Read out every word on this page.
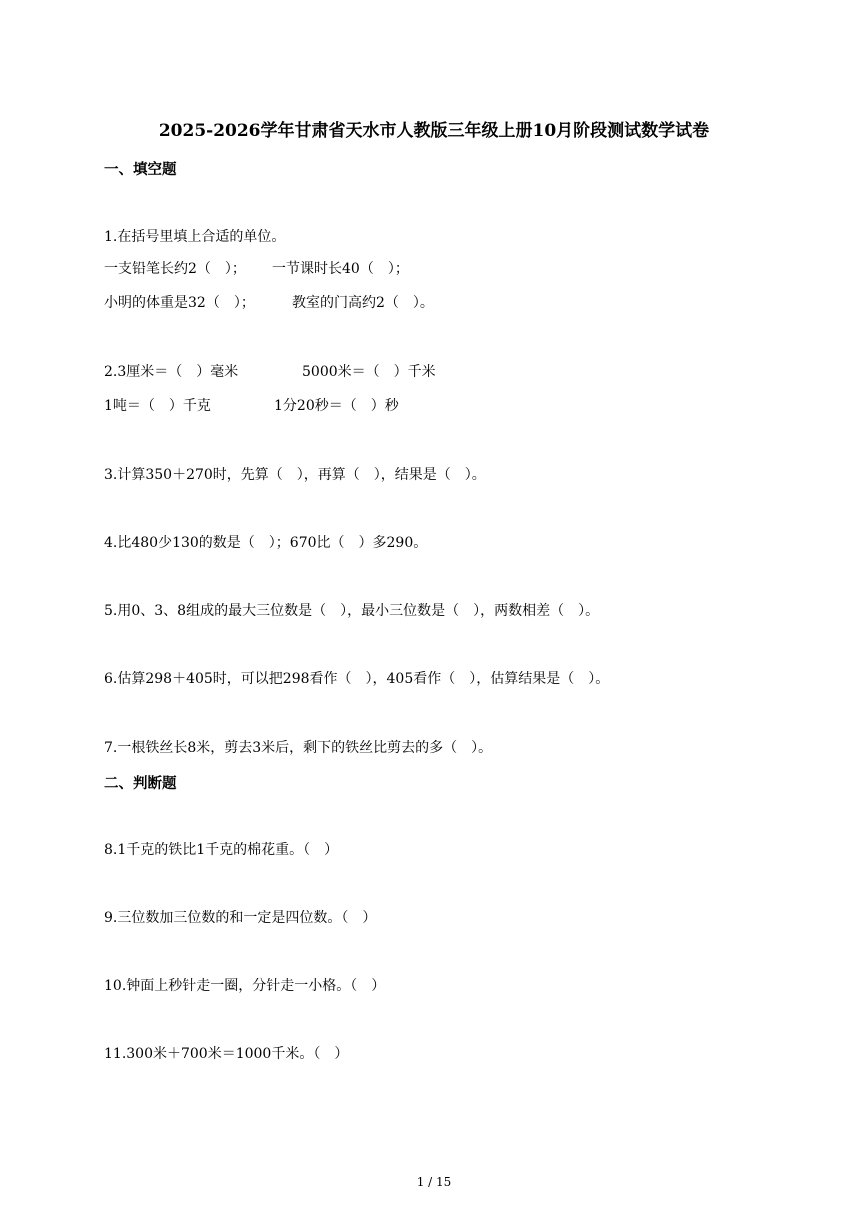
2025-2026学年甘肃省天水市人教版三年级上册10月阶段测试数学试卷
一、填空题
1.在括号里填上合适的单位。
一支铅笔长约2（　）； 一节课时长40（　）；
小明的体重是32（　）；	教室的门高约2（　）。
2.3厘米＝（　）毫米	5000米＝（　）千米
1吨＝（　）千克	1分20秒＝（　）秒
3.计算350＋270时，先算（　），再算（　），结果是（　）。
4.比480少130的数是（　）；670比（　）多290。
5.用0、3、8组成的最大三位数是（　），最小三位数是（　），两数相差（　）。
6.估算298＋405时，可以把298看作（　），405看作（　），估算结果是（　）。
7.一根铁丝长8米，剪去3米后，剩下的铁丝比剪去的多（　）。
二、判断题
8.1千克的铁比1千克的棉花重。（　）
9.三位数加三位数的和一定是四位数。（　）
10.钟面上秒针走一圈，分针走一小格。（　）
11.300米＋700米＝1000千米。（　）
1 / 15
